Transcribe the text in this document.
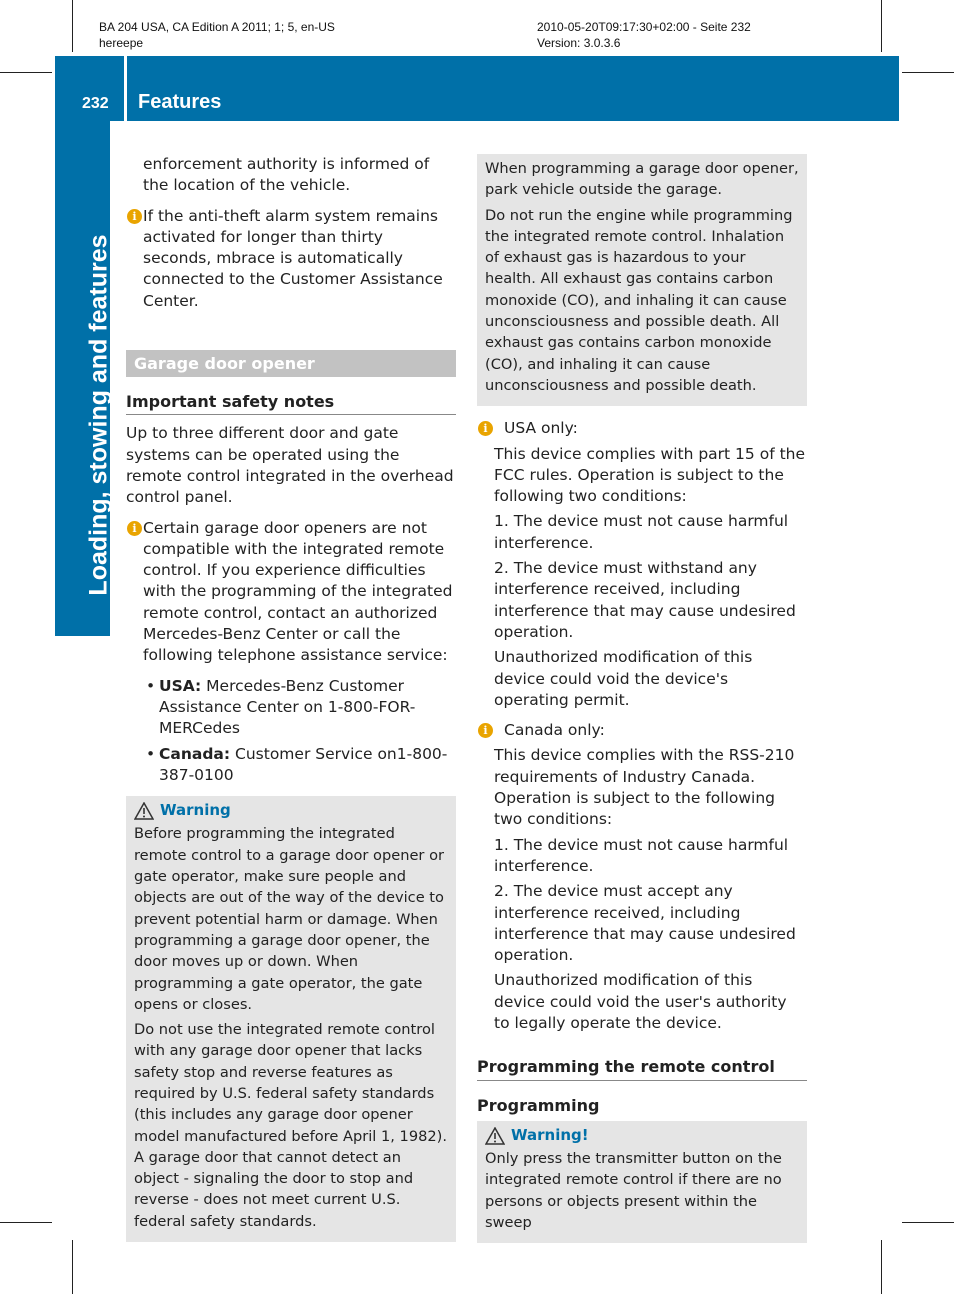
BA 204 USA, CA Edition A 2011; 1; 5, en-US
hereepe
2010-05-20T09:17:30+02:00 - Seite 232
Version: 3.0.3.6
232 Features
Loading, stowing and features
enforcement authority is informed of the location of the vehicle.
i If the anti-theft alarm system remains activated for longer than thirty seconds, mbrace is automatically connected to the Customer Assistance Center.
Garage door opener
Important safety notes
Up to three different door and gate systems can be operated using the remote control integrated in the overhead control panel.
i Certain garage door openers are not compatible with the integrated remote control. If you experience difficulties with the programming of the integrated remote control, contact an authorized Mercedes-Benz Center or call the following telephone assistance service:
• USA: Mercedes-Benz Customer Assistance Center on 1-800-FOR-MERCedes
• Canada: Customer Service on1-800-387-0100
Warning
Before programming the integrated remote control to a garage door opener or gate operator, make sure people and objects are out of the way of the device to prevent potential harm or damage. When programming a garage door opener, the door moves up or down. When programming a gate operator, the gate opens or closes.
Do not use the integrated remote control with any garage door opener that lacks safety stop and reverse features as required by U.S. federal safety standards (this includes any garage door opener model manufactured before April 1, 1982). A garage door that cannot detect an object - signaling the door to stop and reverse - does not meet current U.S. federal safety standards.
When programming a garage door opener, park vehicle outside the garage.
Do not run the engine while programming the integrated remote control. Inhalation of exhaust gas is hazardous to your health. All exhaust gas contains carbon monoxide (CO), and inhaling it can cause unconsciousness and possible death. All exhaust gas contains carbon monoxide (CO), and inhaling it can cause unconsciousness and possible death.
i	USA only:
This device complies with part 15 of the FCC rules. Operation is subject to the following two conditions:
1. The device must not cause harmful interference.
2. The device must withstand any interference received, including interference that may cause undesired operation.
Unauthorized modification of this device could void the device's operating permit.
i	Canada only:
This device complies with the RSS-210 requirements of Industry Canada. Operation is subject to the following two conditions:
1. The device must not cause harmful interference.
2. The device must accept any interference received, including interference that may cause undesired operation.
Unauthorized modification of this device could void the user's authority to legally operate the device.
Programming the remote control
Programming
Warning!
Only press the transmitter button on the integrated remote control if there are no persons or objects present within the sweep
